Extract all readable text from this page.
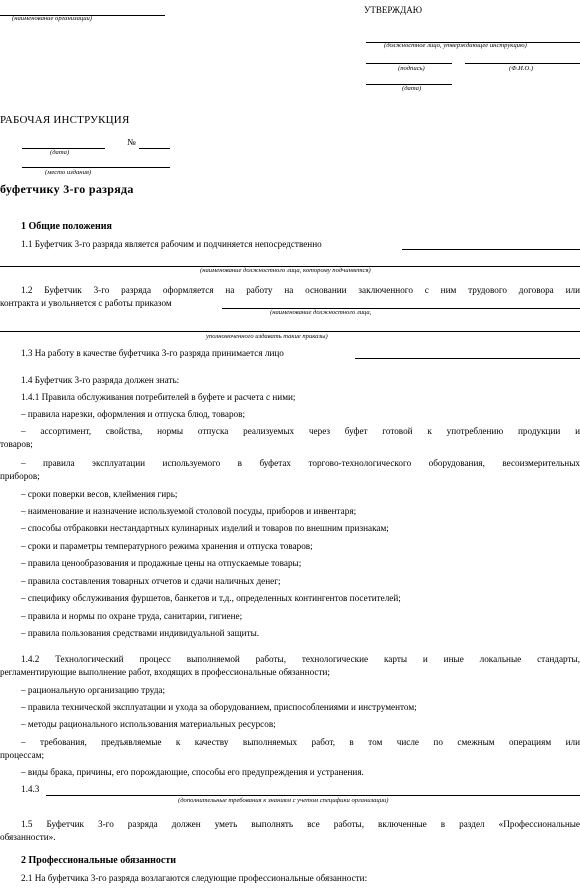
(наименование организации)
УТВЕРЖДАЮ
(должностное лицо, утверждающее инструкцию)
(подпись)	(Ф.И.О.)
(дата)
РАБОЧАЯ ИНСТРУКЦИЯ
№
(дата)
(место издания)
буфетчику 3-го разряда
1 Общие положения
1.1 Буфетчик 3-го разряда является рабочим и подчиняется непосредственно
(наименование должностного лица, которому подчиняется)
1.2 Буфетчик 3-го разряда оформляется на работу на основании заключенного с ним трудового договора или
контракта и увольняется с работы приказом
(наименование должностного лица,
уполномоченного издавать такие приказы)
1.3 На работу в качестве буфетчика 3-го разряда принимается лицо
1.4 Буфетчик 3-го разряда должен знать:
1.4.1 Правила обслуживания потребителей в буфете и расчета с ними;
– правила нарезки, оформления и отпуска блюд, товаров;
– ассортимент, свойства, нормы отпуска реализуемых через буфет готовой к употреблению продукции и
товаров;
– правила эксплуатации используемого в буфетах торгово-технологического оборудования, весоизмерительных
приборов;
– сроки поверки весов, клеймения гирь;
– наименование и назначение используемой столовой посуды, приборов и инвентаря;
– способы отбраковки нестандартных кулинарных изделий и товаров по внешним признакам;
– сроки и параметры температурного режима хранения и отпуска товаров;
– правила ценообразования и продажные цены на отпускаемые товары;
– правила составления товарных отчетов и сдачи наличных денег;
– специфику обслуживания фуршетов, банкетов и т.д., определенных контингентов посетителей;
– правила и нормы по охране труда, санитарии, гигиене;
– правила пользования средствами индивидуальной защиты.
1.4.2 Технологический процесс выполняемой работы, технологические карты и иные локальные стандарты,
регламентирующие выполнение работ, входящих в профессиональные обязанности;
– рациональную организацию труда;
– правила технической эксплуатации и ухода за оборудованием, приспособлениями и инструментом;
– методы рационального использования материальных ресурсов;
– требования, предъявляемые к качеству выполняемых работ, в том числе по смежным операциям или
процессам;
– виды брака, причины, его порождающие, способы его предупреждения и устранения.
1.4.3
(дополнительные требования к знаниям с учетом специфики организации)
1.5 Буфетчик 3-го разряда должен уметь выполнять все работы, включенные в раздел «Профессиональные
обязанности».
2 Профессиональные обязанности
2.1 На буфетчика 3-го разряда возлагаются следующие профессиональные обязанности:
